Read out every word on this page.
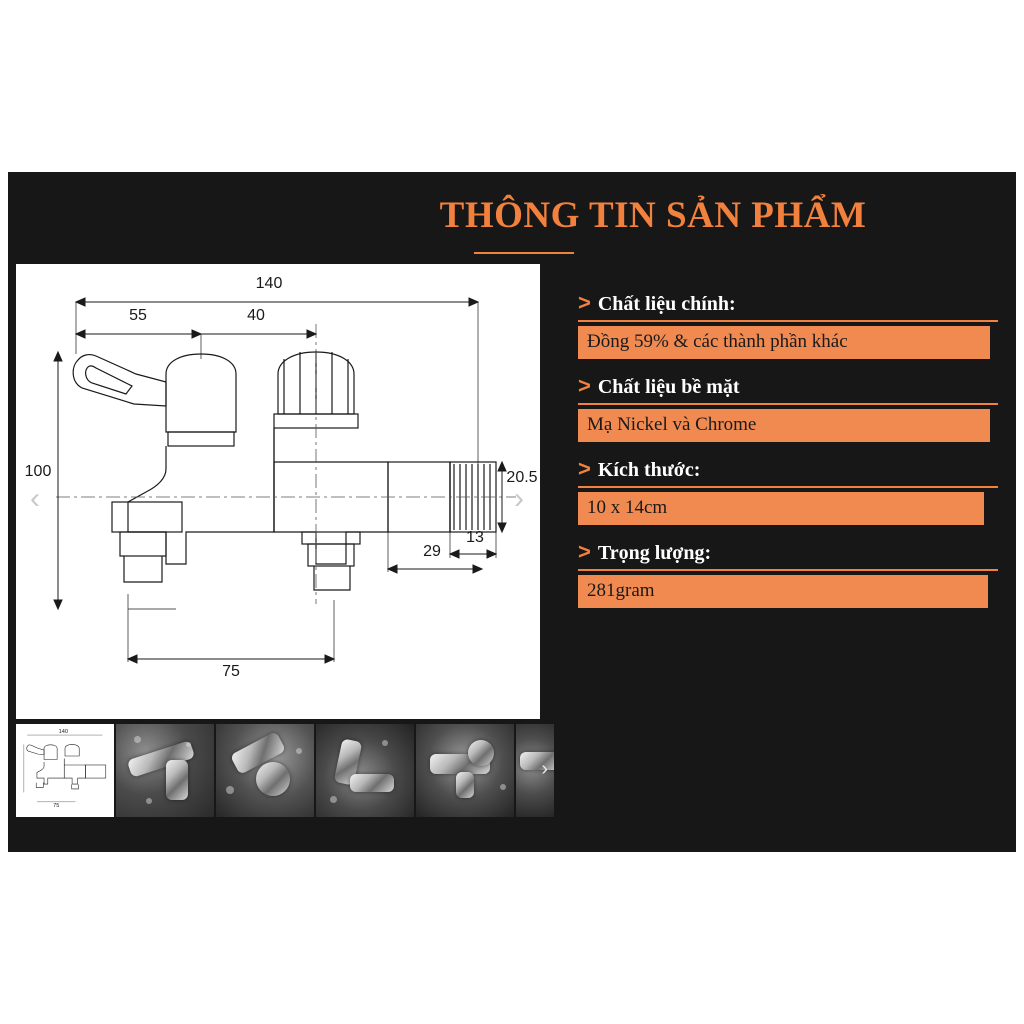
THÔNG TIN SẢN PHẨM
140
55	40
100	20.5
13
29
75
‹	›
> Chất liệu chính:
Đồng 59% & các thành phần khác
> Chất liệu bề mặt
Mạ Nickel và Chrome
> Kích thước:
10 x 14cm
> Trọng lượng:
281gram
140
75
›
